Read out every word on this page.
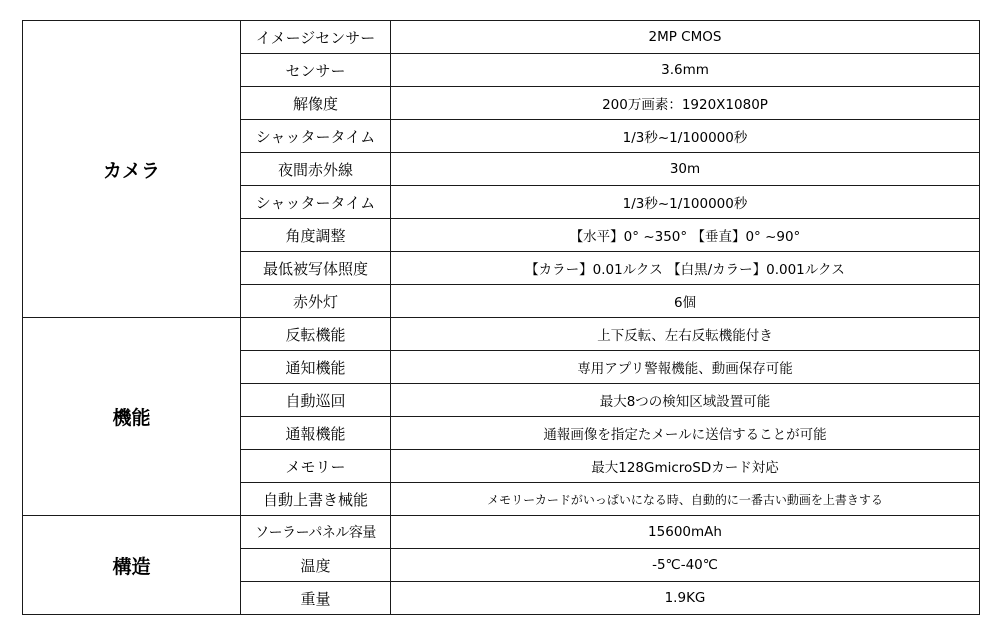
カメラ	イメージセンサー	2MP CMOS
	センサー	3.6mm
	解像度	200万画素：1920X1080P
	シャッタータイム	1/3秒~1/100000秒
	夜間赤外線	30m
	シャッタータイム	1/3秒~1/100000秒
	角度調整	【水平】0° ~350° 【垂直】0° ~90°
	最低被写体照度	【カラー】0.01ルクス 【白黒/カラー】0.001ルクス
	赤外灯	6個
機能	反転機能	上下反転、左右反転機能付き
	通知機能	専用アプリ警報機能、動画保存可能
	自動巡回	最大8つの検知区域設置可能
	通報機能	通報画像を指定たメールに送信することが可能
	メモリー	最大128GmicroSDカード対応
	自動上書き械能	メモリーカードがいっぱいになる時、自動的に一番古い動画を上書きする
構造	ソーラーパネル容量	15600mAh
	温度	-5℃-40℃
	重量	1.9KG
